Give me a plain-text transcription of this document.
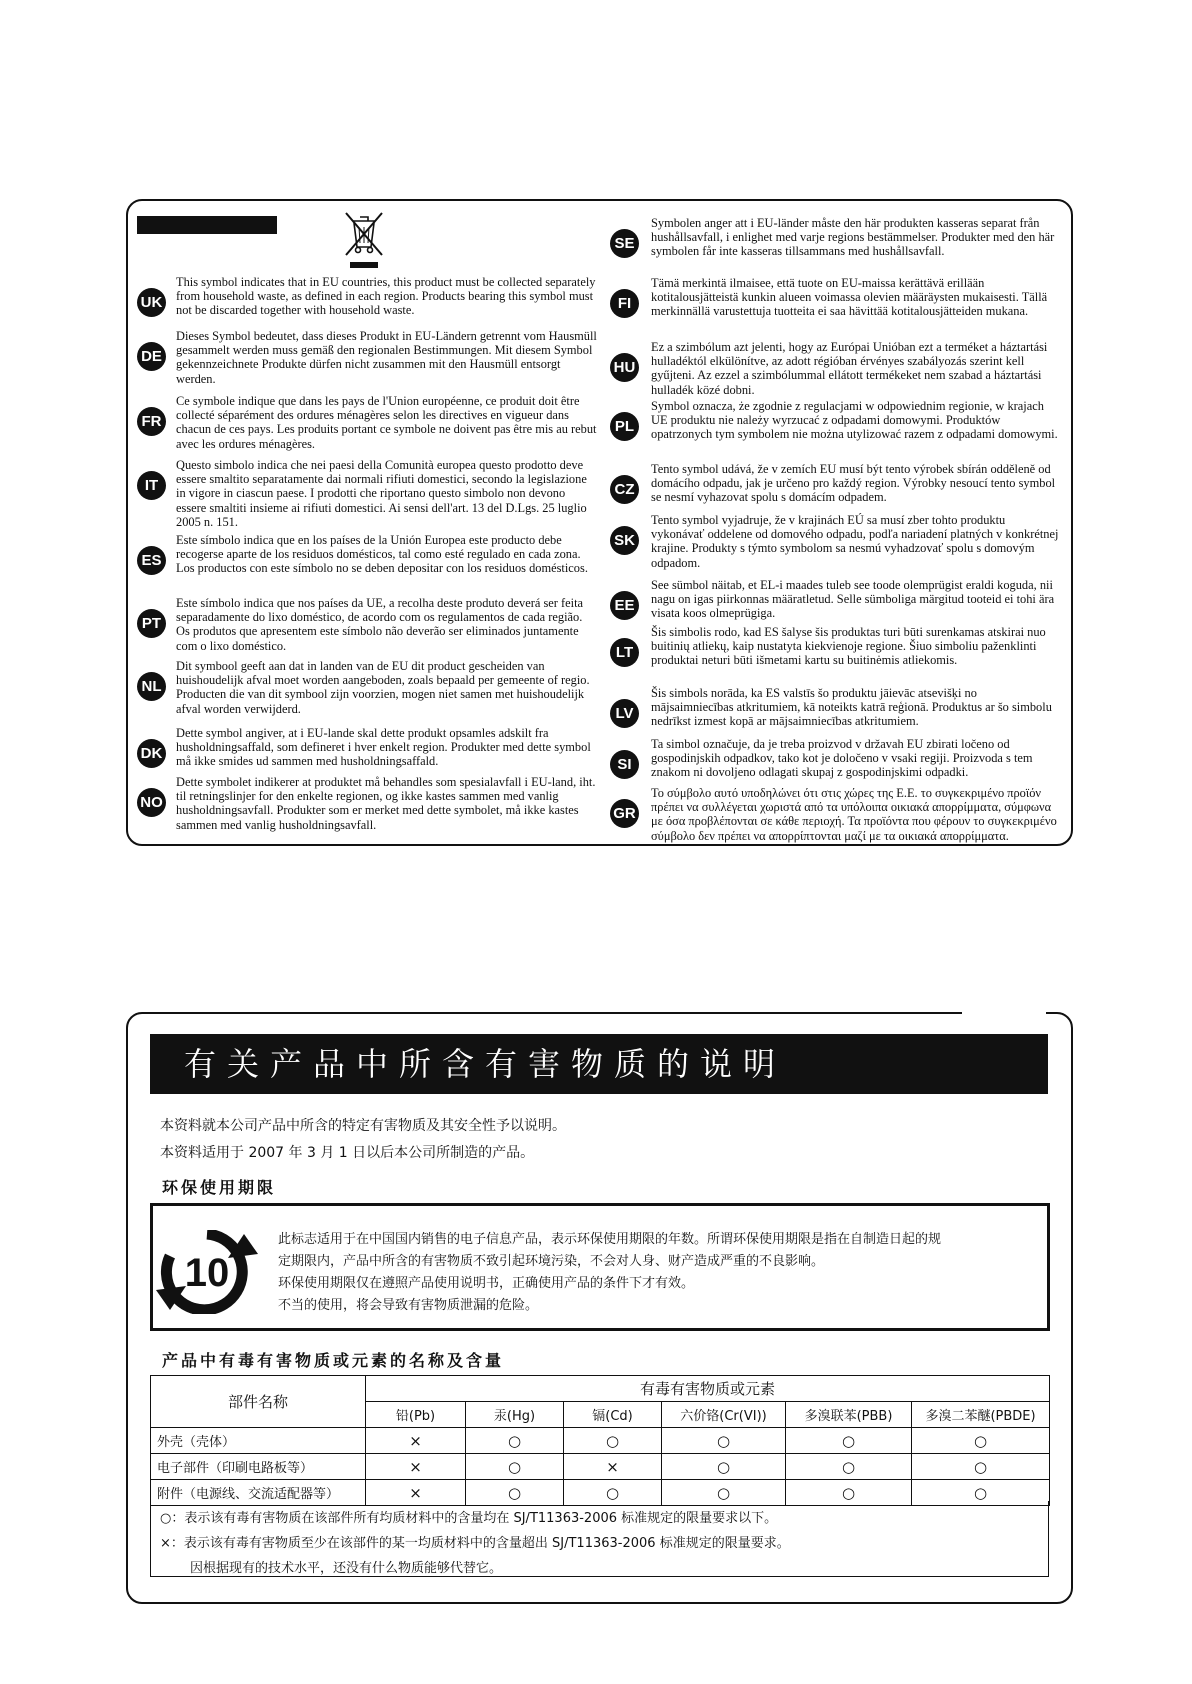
UK
This symbol indicates that in EU countries, this product must be collected separately from household waste, as defined in each region. Products bearing this symbol must not be discarded together with household waste.
DE
Dieses Symbol bedeutet, dass dieses Produkt in EU-Ländern getrennt vom Hausmüll gesammelt werden muss gemäß den regionalen Bestimmungen. Mit diesem Symbol gekennzeichnete Produkte dürfen nicht zusammen mit den Hausmüll entsorgt werden.
FR
Ce symbole indique que dans les pays de l'Union européenne, ce produit doit être collecté séparément des ordures ménagères selon les directives en vigueur dans chacun de ces pays. Les produits portant ce symbole ne doivent pas être mis au rebut avec les ordures ménagères.
IT
Questo simbolo indica che nei paesi della Comunità europea questo prodotto deve essere smaltito separatamente dai normali rifiuti domestici, secondo la legislazione in vigore in ciascun paese. I prodotti che riportano questo simbolo non devono essere smaltiti insieme ai rifiuti domestici. Ai sensi dell'art. 13 del D.Lgs. 25 luglio 2005 n. 151.
ES
Este símbolo indica que en los países de la Unión Europea este producto debe recogerse aparte de los residuos domésticos, tal como esté regulado en cada zona. Los productos con este símbolo no se deben depositar con los residuos domésticos.
PT
Este símbolo indica que nos países da UE, a recolha deste produto deverá ser feita separadamente do lixo doméstico, de acordo com os regulamentos de cada região. Os produtos que apresentem este símbolo não deverão ser eliminados juntamente com o lixo doméstico.
NL
Dit symbool geeft aan dat in landen van de EU dit product gescheiden van huishoudelijk afval moet worden aangeboden, zoals bepaald per gemeente of regio. Producten die van dit symbool zijn voorzien, mogen niet samen met huishoudelijk afval worden verwijderd.
DK
Dette symbol angiver, at i EU-lande skal dette produkt opsamles adskilt fra husholdningsaffald, som defineret i hver enkelt region. Produkter med dette symbol må ikke smides ud sammen med husholdningsaffald.
NO
Dette symbolet indikerer at produktet må behandles som spesialavfall i EU-land, iht. til retningslinjer for den enkelte regionen, og ikke kastes sammen med vanlig husholdningsavfall. Produkter som er merket med dette symbolet, må ikke kastes sammen med vanlig husholdningsavfall.
SE
Symbolen anger att i EU-länder måste den här produkten kasseras separat från hushållsavfall, i enlighet med varje regions bestämmelser. Produkter med den här symbolen får inte kasseras tillsammans med hushållsavfall.
FI
Tämä merkintä ilmaisee, että tuote on EU-maissa kerättävä erillään kotitalousjätteistä kunkin alueen voimassa olevien määräysten mukaisesti. Tällä merkinnällä varustettuja tuotteita ei saa hävittää kotitalousjätteiden mukana.
HU
Ez a szimbólum azt jelenti, hogy az Európai Unióban ezt a terméket a háztartási hulladéktól elkülönítve, az adott régióban érvényes szabályozás szerint kell gyűjteni. Az ezzel a szimbólummal ellátott termékeket nem szabad a háztartási hulladék közé dobni.
PL
Symbol oznacza, że zgodnie z regulacjami w odpowiednim regionie, w krajach UE produktu nie należy wyrzucać z odpadami domowymi. Produktów opatrzonych tym symbolem nie można utylizować razem z odpadami domowymi.
CZ
Tento symbol udává, že v zemích EU musí být tento výrobek sbírán odděleně od domácího odpadu, jak je určeno pro každý region. Výrobky nesoucí tento symbol se nesmí vyhazovat spolu s domácím odpadem.
SK
Tento symbol vyjadruje, že v krajinách EÚ sa musí zber tohto produktu vykonávať oddelene od domového odpadu, podľa nariadení platných v konkrétnej krajine. Produkty s týmto symbolom sa nesmú vyhadzovať spolu s domovým odpadom.
EE
See sümbol näitab, et EL-i maades tuleb see toode olemprügist eraldi koguda, nii nagu on igas piirkonnas määratletud. Selle sümboliga märgitud tooteid ei tohi ära visata koos olmeprügiga.
LT
Šis simbolis rodo, kad ES šalyse šis produktas turi būti surenkamas atskirai nuo buitinių atliekų, kaip nustatyta kiekvienoje regione. Šiuo simboliu paženklinti produktai neturi būti išmetami kartu su buitinėmis atliekomis.
LV
Šis simbols norāda, ka ES valstīs šo produktu jāievāc atsevišķi no mājsaimniecības atkritumiem, kā noteikts katrā reģionā. Produktus ar šo simbolu nedrīkst izmest kopā ar mājsaimniecības atkritumiem.
SI
Ta simbol označuje, da je treba proizvod v državah EU zbirati ločeno od gospodinjskih odpadkov, tako kot je določeno v vsaki regiji. Proizvoda s tem znakom ni dovoljeno odlagati skupaj z gospodinjskimi odpadki.
GR
Το σύμβολο αυτό υποδηλώνει ότι στις χώρες της Ε.Ε. το συγκεκριμένο προϊόν πρέπει να συλλέγεται χωριστά από τα υπόλοιπα οικιακά απορρίμματα, σύμφωνα με όσα προβλέπονται σε κάθε περιοχή. Τα προϊόντα που φέρουν το συγκεκριμένο σύμβολο δεν πρέπει να απορρίπτονται μαζί με τα οικιακά απορρίμματα.
有关产品中所含有害物质的说明
本资料就本公司产品中所含的特定有害物质及其安全性予以说明。
本资料适用于 2007 年 3 月 1 日以后本公司所制造的产品。
环保使用期限
10
此标志适用于在中国国内销售的电子信息产品，表示环保使用期限的年数。所谓环保使用期限是指在自制造日起的规
定期限内，产品中所含的有害物质不致引起环境污染，不会对人身、财产造成严重的不良影响。
环保使用期限仅在遵照产品使用说明书，正确使用产品的条件下才有效。
不当的使用，将会导致有害物质泄漏的危险。
产品中有毒有害物质或元素的名称及含量
部件名称	有毒有害物质或元素					
	铅(Pb)	汞(Hg)	镉(Cd)	六价铬(Cr(VI))	多溴联苯(PBB)	多溴二苯醚(PBDE)
外壳（壳体）	×	○	○	○	○	○
电子部件（印刷电路板等）	×	○	×	○	○	○
附件（电源线、交流适配器等）	×	○	○	○	○	○
○：表示该有毒有害物质在该部件所有均质材料中的含量均在 SJ/T11363-2006 标准规定的限量要求以下。
×：表示该有毒有害物质至少在该部件的某一均质材料中的含量超出 SJ/T11363-2006 标准规定的限量要求。
因根据现有的技术水平，还没有什么物质能够代替它。
